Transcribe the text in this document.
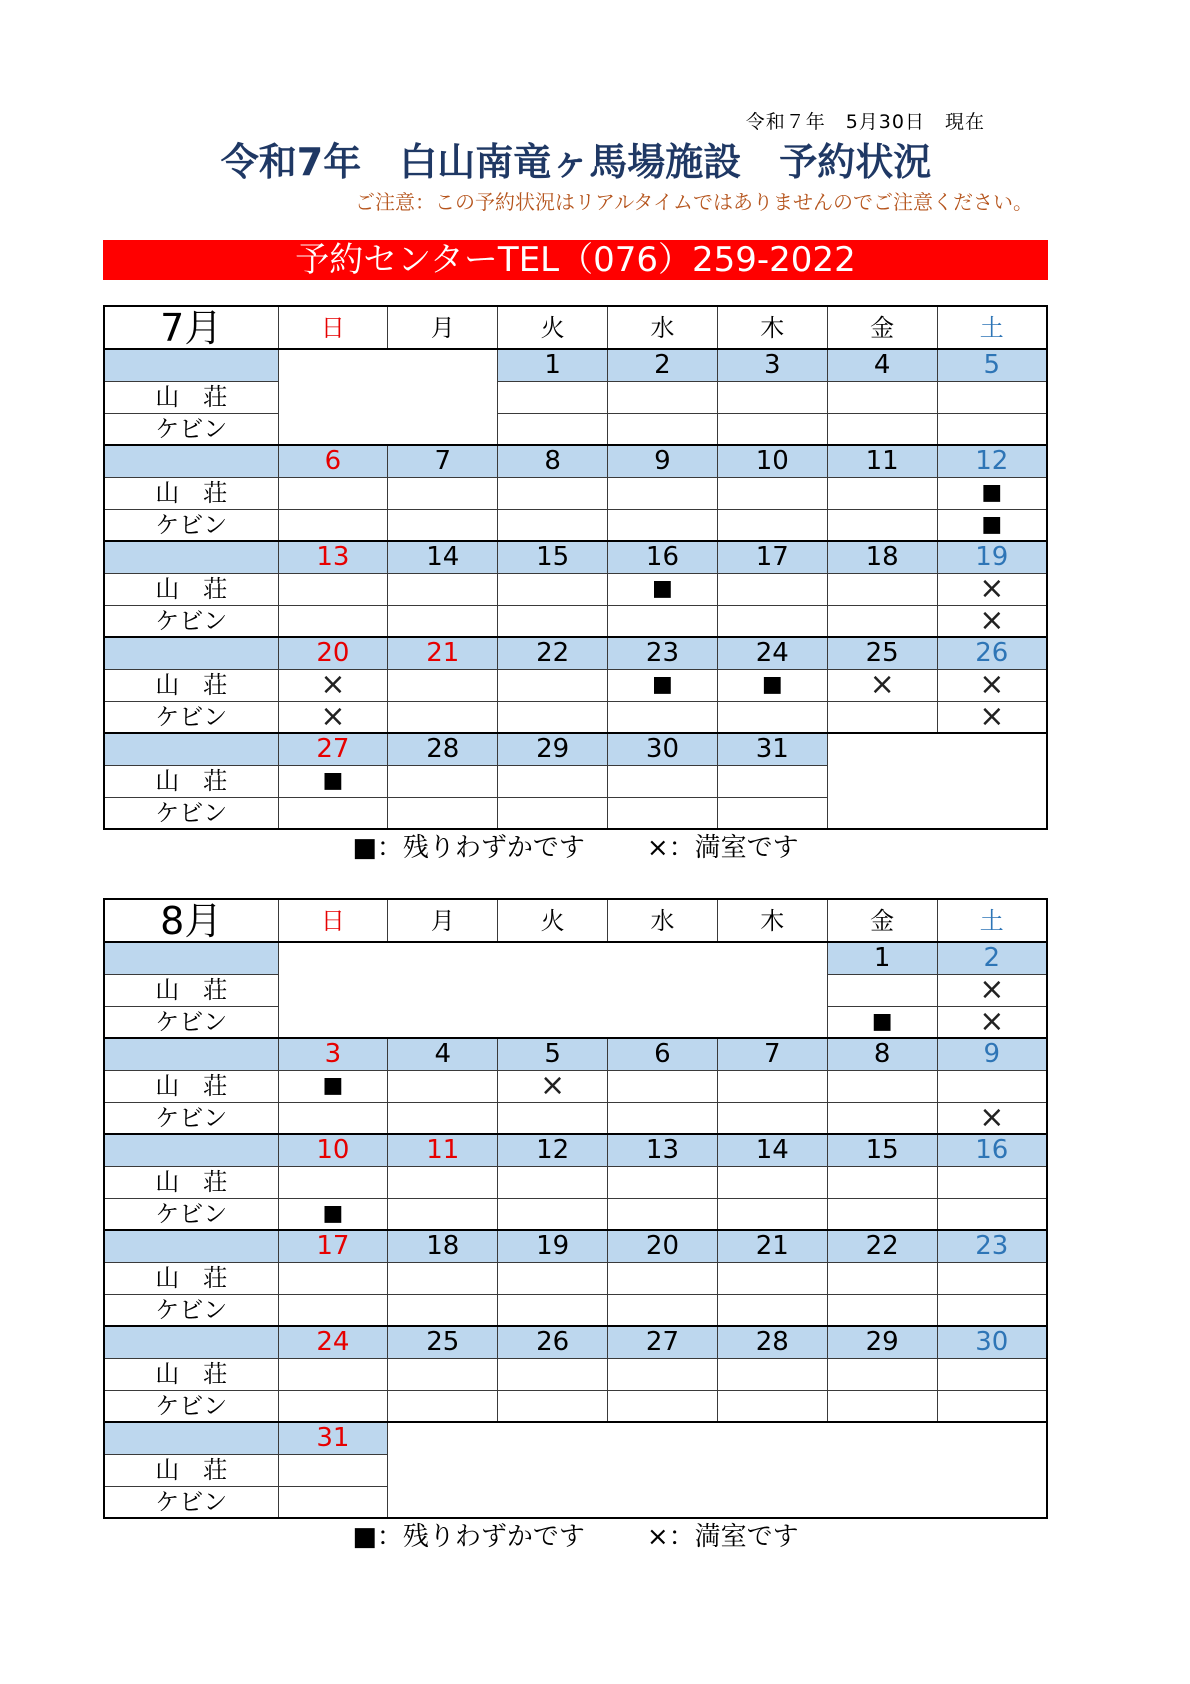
令和７年　5月30日　現在
令和7年　白山南竜ヶ馬場施設　予約状況
ご注意：この予約状況はリアルタイムではありませんのでご注意ください。
予約センターTEL（076）259-2022
7月	日	月	火	水	木	金	土
			1	2	3	4	5
山　荘							
ケビン							
	6	7	8	9	10	11	12
山　荘							■
ケビン							■
	13	14	15	16	17	18	19
山　荘				■			×
ケビン							×
	20	21	22	23	24	25	26
山　荘	×			■	■	×	×
ケビン	×						×
	27	28	29	30	31		
山　荘	■						
ケビン							
■：残りわずかです ×：満室です
8月	日	月	火	水	木	金	土
						1	2
山　荘							×
ケビン						■	×
	3	4	5	6	7	8	9
山　荘	■		×				
ケビン							×
	10	11	12	13	14	15	16
山　荘							
ケビン	■						
	17	18	19	20	21	22	23
山　荘							
ケビン							
	24	25	26	27	28	29	30
山　荘							
ケビン							
	31						
山　荘							
ケビン							
■：残りわずかです ×：満室です
